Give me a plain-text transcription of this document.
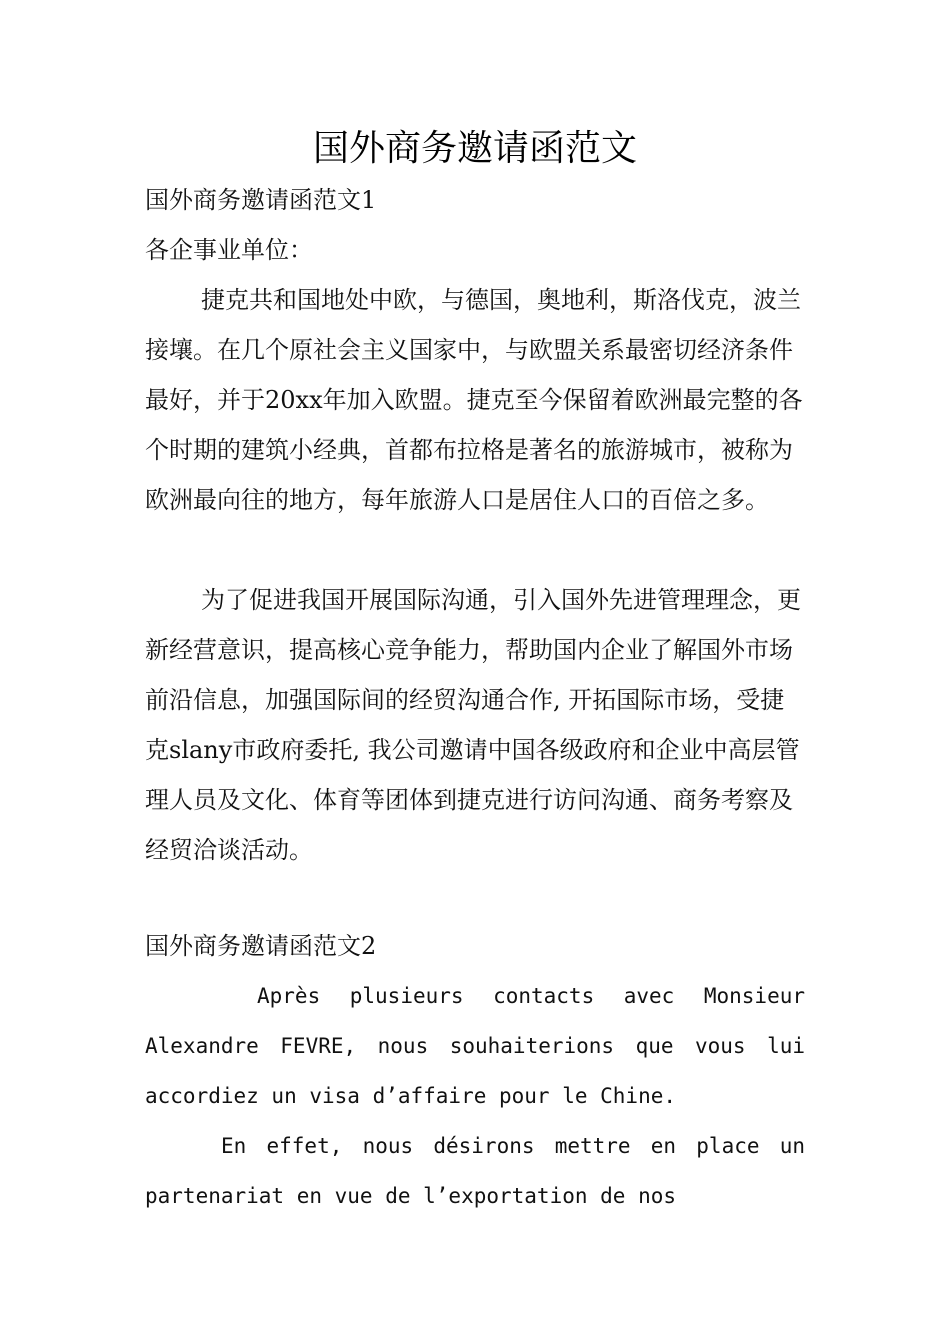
国外商务邀请函范文
国外商务邀请函范文1
各企事业单位：
捷克共和国地处中欧，与德国，奥地利，斯洛伐克，波兰接壤。在几个原社会主义国家中，与欧盟关系最密切经济条件最好，并于20xx年加入欧盟。捷克至今保留着欧洲最完整的各个时期的建筑小经典，首都布拉格是著名的旅游城市，被称为欧洲最向往的地方，每年旅游人口是居住人口的百倍之多。
为了促进我国开展国际沟通，引入国外先进管理理念，更新经营意识，提高核心竞争能力，帮助国内企业了解国外市场前沿信息，加强国际间的经贸沟通合作, 开拓国际市场，受捷克slany市政府委托, 我公司邀请中国各级政府和企业中高层管理人员及文化、体育等团体到捷克进行访问沟通、商务考察及经贸洽谈活动。
国外商务邀请函范文2
Après plusieurs contacts avec Monsieur Alexandre FEVRE, nous souhaiterions que vous lui accordiez un visa d’affaire pour le Chine.
En effet, nous désirons mettre en place un partenariat en vue de l’exportation de nos
